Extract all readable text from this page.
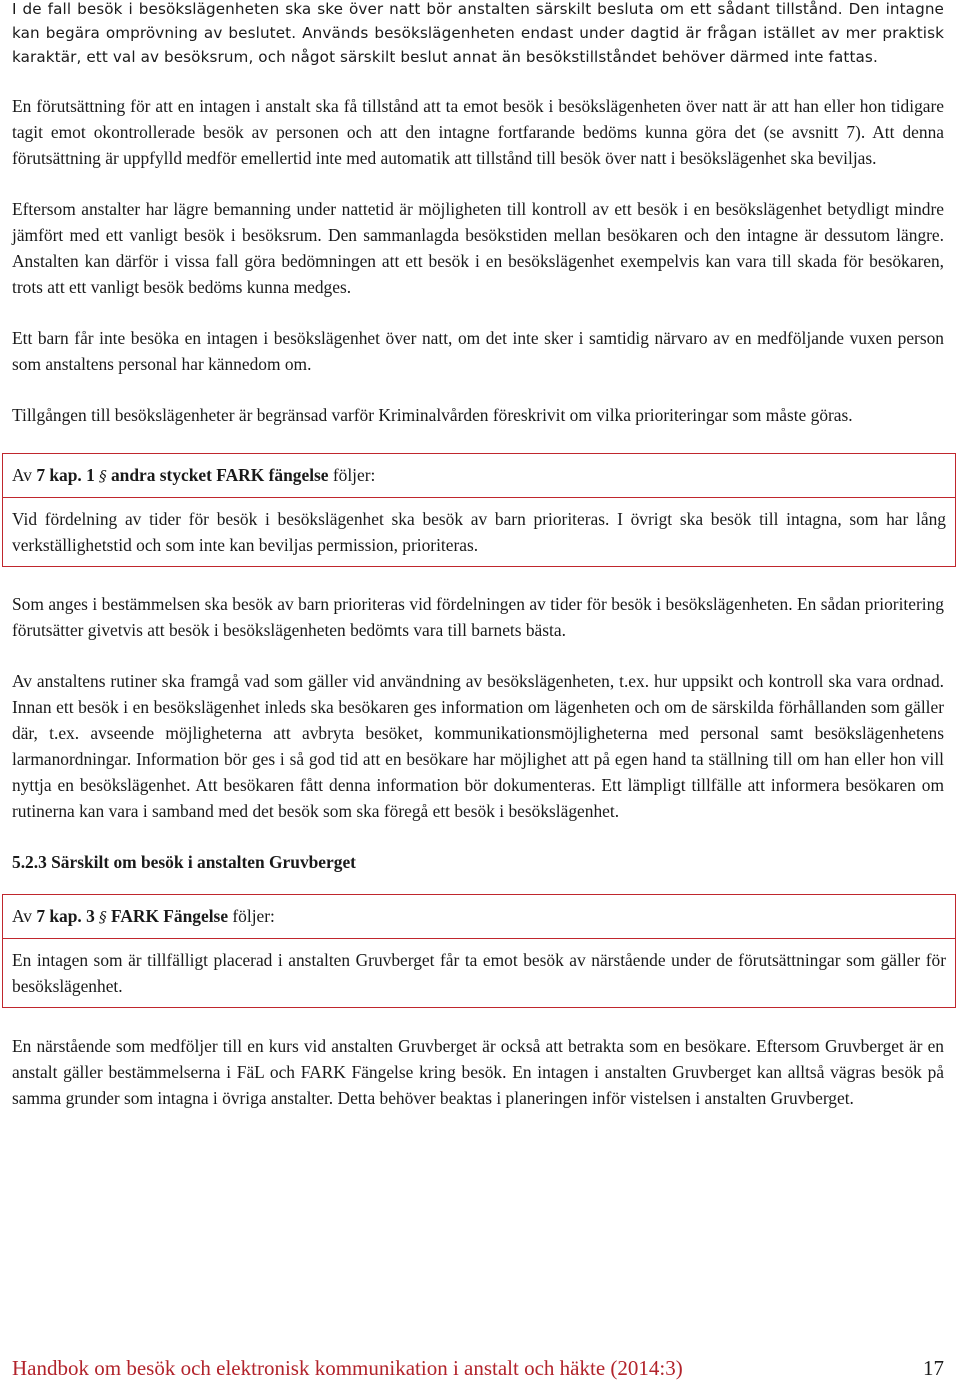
I de fall besök i besökslägenheten ska ske över natt bör anstalten särskilt besluta om ett sådant tillstånd. Den intagne kan begära omprövning av beslutet. Används besökslägenheten endast under dagtid är frågan istället av mer praktisk karaktär, ett val av besöksrum, och något särskilt beslut annat än besökstillståndet behöver därmed inte fattas.

En förutsättning för att en intagen i anstalt ska få tillstånd att ta emot besök i besökslägenheten över natt är att han eller hon tidigare tagit emot okontrollerade besök av personen och att den intagne fortfarande bedöms kunna göra det (se avsnitt 7). Att denna förutsättning är uppfylld medför emellertid inte med automatik att tillstånd till besök över natt i besökslägenhet ska beviljas.

Eftersom anstalter har lägre bemanning under nattetid är möjligheten till kontroll av ett besök i en besökslägenhet betydligt mindre jämfört med ett vanligt besök i besöksrum. Den sammanlagda besökstiden mellan besökaren och den intagne är dessutom längre. Anstalten kan därför i vissa fall göra bedömningen att ett besök i en besökslägenhet exempelvis kan vara till skada för besökaren, trots att ett vanligt besök bedöms kunna medges.

Ett barn får inte besöka en intagen i besökslägenhet över natt, om det inte sker i samtidig närvaro av en medföljande vuxen person som anstaltens personal har kännedom om.

Tillgången till besökslägenheter är begränsad varför Kriminalvården föreskrivit om vilka prioriteringar som måste göras.

Av 7 kap. 1 § andra stycket FARK fängelse följer:

Vid fördelning av tider för besök i besökslägenhet ska besök av barn prioriteras. I övrigt ska besök till intagna, som har lång verkställighetstid och som inte kan beviljas permission, prioriteras.

Som anges i bestämmelsen ska besök av barn prioriteras vid fördelningen av tider för besök i besökslägenheten. En sådan prioritering förutsätter givetvis att besök i besökslägenheten bedömts vara till barnets bästa.

Av anstaltens rutiner ska framgå vad som gäller vid användning av besökslägenheten, t.ex. hur uppsikt och kontroll ska vara ordnad. Innan ett besök i en besökslägenhet inleds ska besökaren ges information om lägenheten och om de särskilda förhållanden som gäller där, t.ex. avseende möjligheterna att avbryta besöket, kommunikationsmöjligheterna med personal samt besökslägenhetens larmanordningar. Information bör ges i så god tid att en besökare har möjlighet att på egen hand ta ställning till om han eller hon vill nyttja en besökslägenhet. Att besökaren fått denna information bör dokumenteras. Ett lämpligt tillfälle att informera besökaren om rutinerna kan vara i samband med det besök som ska föregå ett besök i besökslägenhet.

5.2.3 Särskilt om besök i anstalten Gruvberget
Av 7 kap. 3 § FARK Fängelse följer:

En intagen som är tillfälligt placerad i anstalten Gruvberget får ta emot besök av närstående under de förutsättningar som gäller för besökslägenhet.

En närstående som medföljer till en kurs vid anstalten Gruvberget är också att betrakta som en besökare. Eftersom Gruvberget är en anstalt gäller bestämmelserna i FäL och FARK Fängelse kring besök. En intagen i anstalten Gruvberget kan alltså vägras besök på samma grunder som intagna i övriga anstalter. Detta behöver beaktas i planeringen inför vistelsen i anstalten Gruvberget.

Handbok om besök och elektronisk kommunikation i anstalt och häkte (2014:3)	17
